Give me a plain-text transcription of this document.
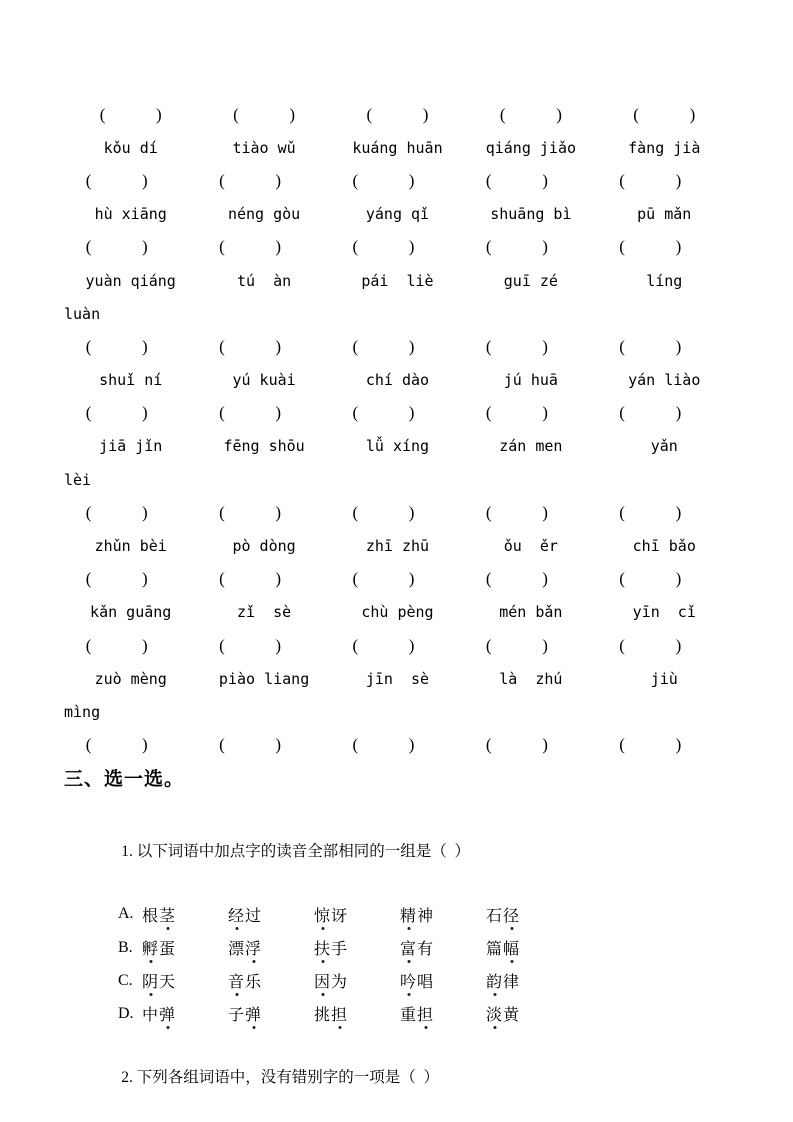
(	)	(	)	(	)	(	)	(	)
kǒu dí	tiào wǔ	kuáng huān	qiáng jiǎo	fàng jià
(	)	(	)	(	)	(	)	(	)
hù xiāng	néng gòu	yáng qǐ	shuāng bì	pū mǎn
(	)	(	)	(	)	(	)	(	)
yuàn qiáng	tú  àn	pái  liè	guī zé	líng
luàn
(	)	(	)	(	)	(	)	(	)
shuǐ ní	yú kuài	chí dào	jú huā	yán liào
(	)	(	)	(	)	(	)	(	)
jiā jǐn	fēng shōu	lǚ xíng	zán men	yǎn
lèi
(	)	(	)	(	)	(	)	(	)
zhǔn bèi	pò dòng	zhī zhū	ǒu  ěr	chī bǎo
(	)	(	)	(	)	(	)	(	)
kǎn guāng	zǐ  sè	chù pèng	mén bǎn	yīn  cǐ
(	)	(	)	(	)	(	)	(	)
zuò mèng	piào liang	jīn  sè	là  zhú	jiù
mìng
(	)	(	)	(	)	(	)	(	)
三、选一选。

1. 以下词语中加点字的读音全部相同的一组是（  ）

A. 根茎	经过	惊讶	精神	石径
B. 孵蛋	漂浮	扶手	富有	篇幅
C. 阴天	音乐	因为	吟唱	韵律
D. 中弹	子弹	挑担	重担	淡黄

2. 下列各组词语中，没有错别字的一项是（  ）
